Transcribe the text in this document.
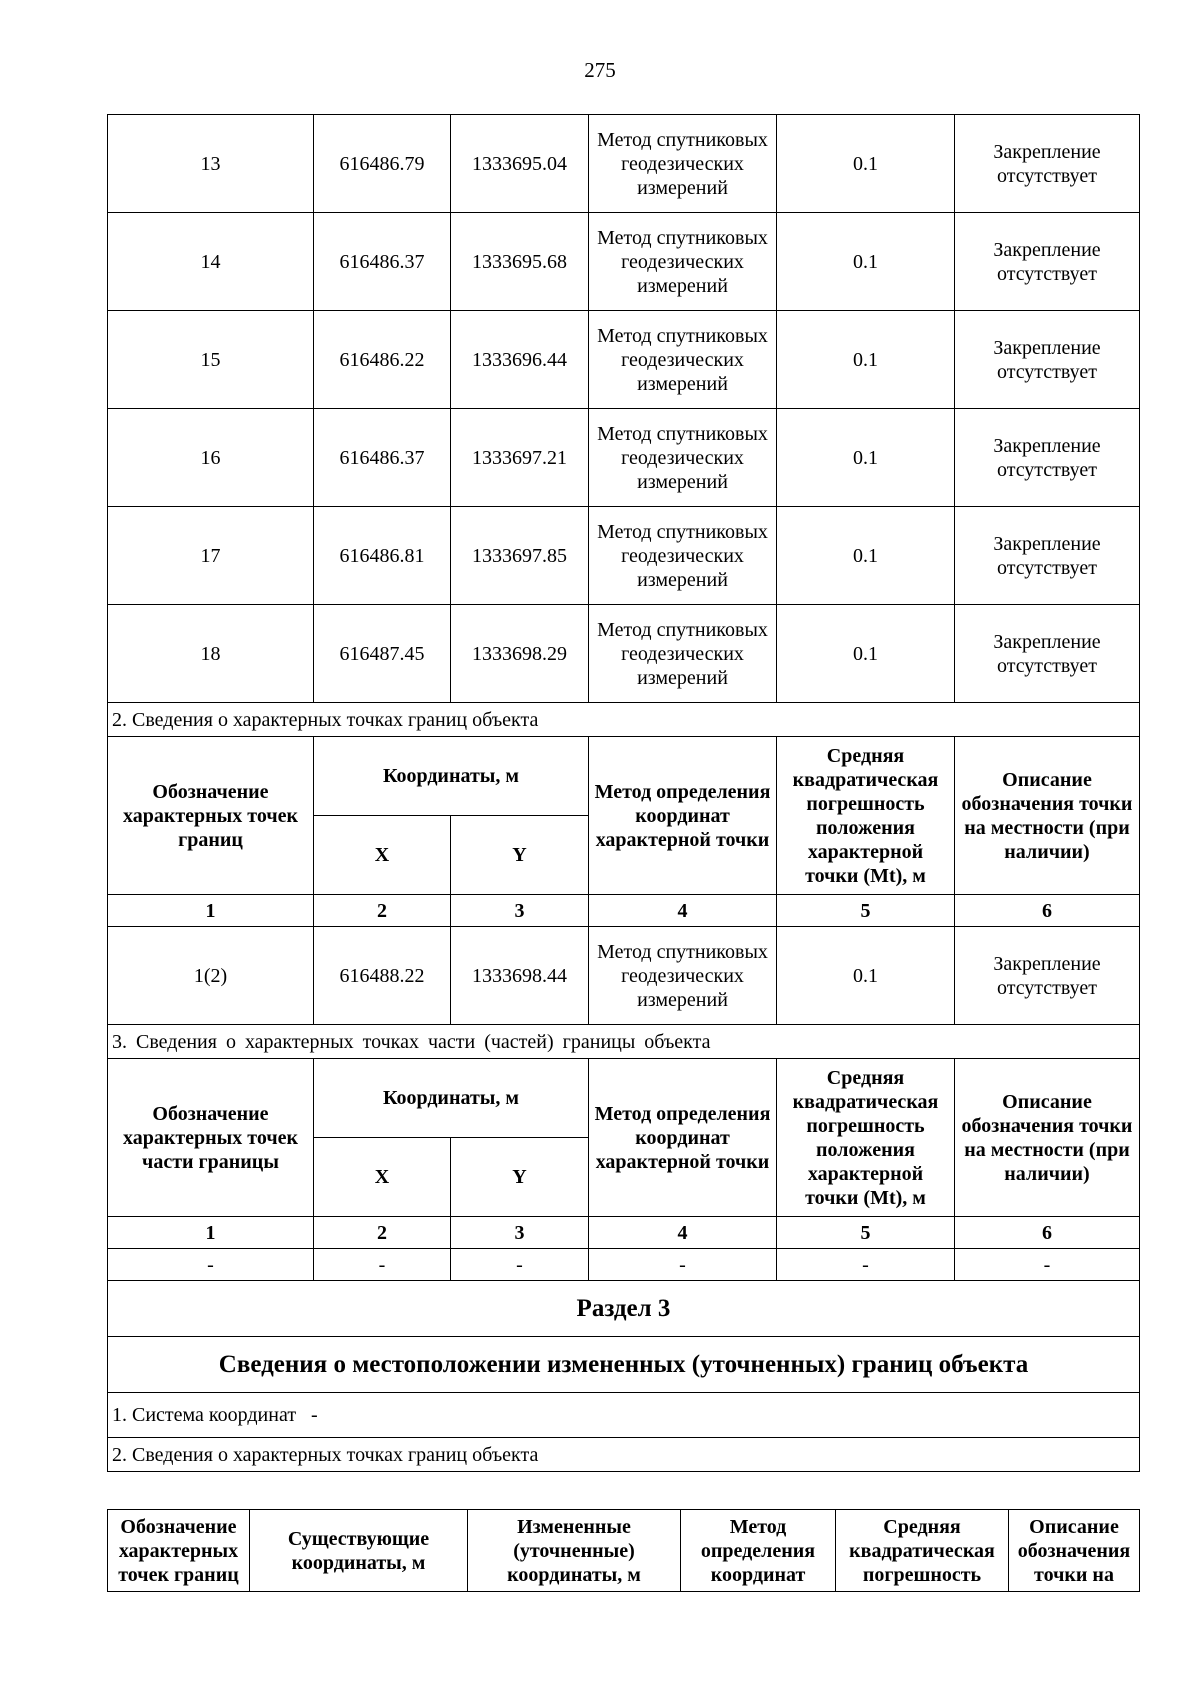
275
13	616486.79	1333695.04	Метод спутниковых геодезических измерений	0.1	Закрепление отсутствует
14	616486.37	1333695.68	Метод спутниковых геодезических измерений	0.1	Закрепление отсутствует
15	616486.22	1333696.44	Метод спутниковых геодезических измерений	0.1	Закрепление отсутствует
16	616486.37	1333697.21	Метод спутниковых геодезических измерений	0.1	Закрепление отсутствует
17	616486.81	1333697.85	Метод спутниковых геодезических измерений	0.1	Закрепление отсутствует
18	616487.45	1333698.29	Метод спутниковых геодезических измерений	0.1	Закрепление отсутствует
2. Сведения о характерных точках границ объекта					
Обозначение характерных точек границ	Координаты, м		Метод определения координат характерной точки	Средняя квадратическая погрешность положения характерной точки (Mt), м	Описание обозначения точки на местности (при наличии)
	X	Y			
1	2	3	4	5	6
1(2)	616488.22	1333698.44	Метод спутниковых геодезических измерений	0.1	Закрепление отсутствует
3. Сведения о характерных точках части (частей) границы объекта					
Обозначение характерных точек части границы	Координаты, м		Метод определения координат характерной точки	Средняя квадратическая погрешность положения характерной точки (Mt), м	Описание обозначения точки на местности (при наличии)
	X	Y			
1	2	3	4	5	6
-	-	-	-	-	-
Раздел 3					
Сведения о местоположении измененных (уточненных) границ объекта					
1. Система координат   -					
2. Сведения о характерных точках границ объекта					
Обозначение характерных точек границ	Существующие координаты, м	Измененные (уточненные) координаты, м	Метод определения координат	Средняя квадратическая погрешность	Описание обозначения точки на
